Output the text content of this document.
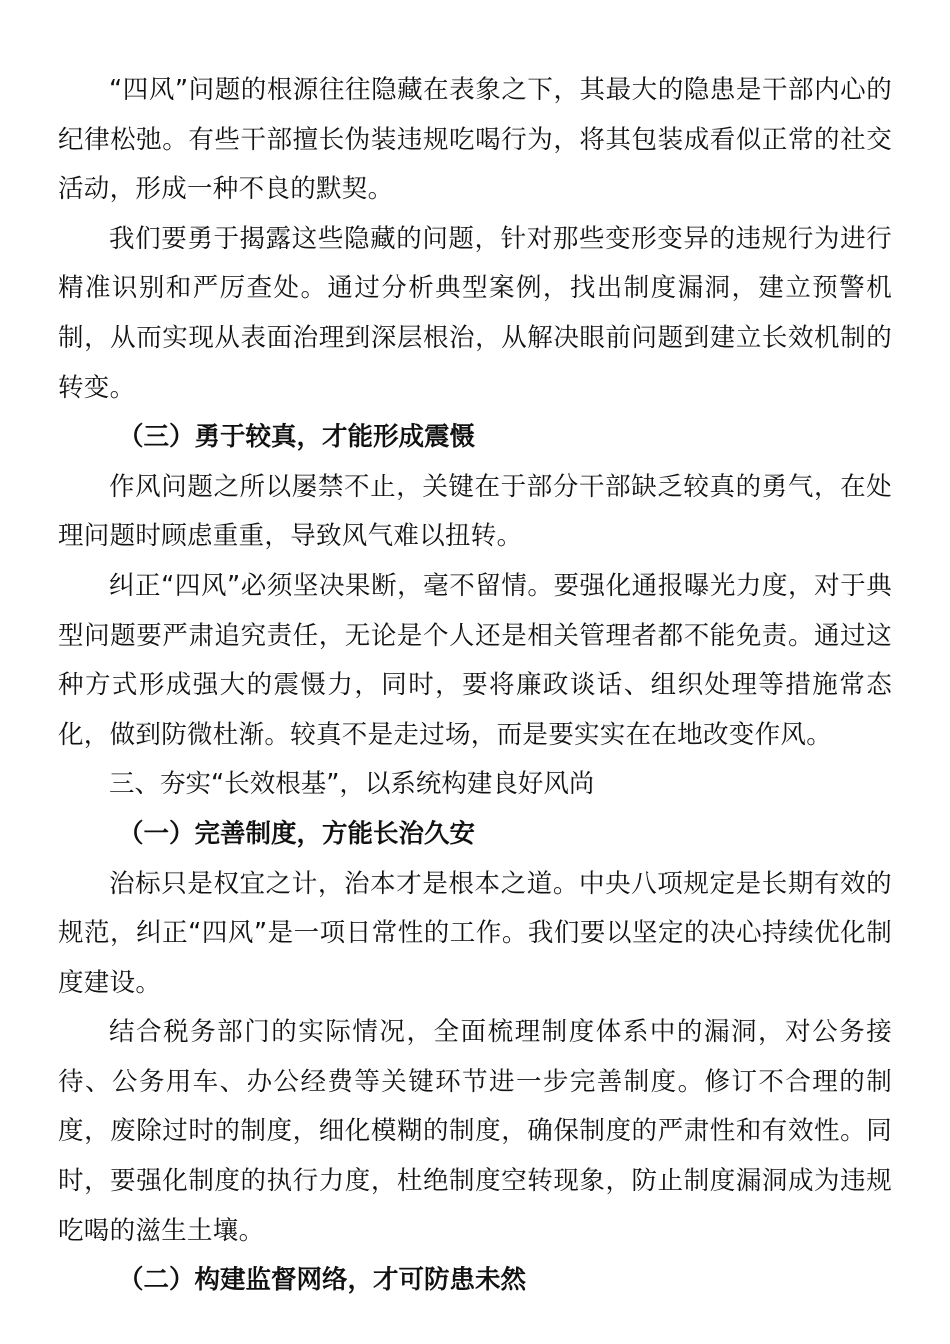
“四风”问题的根源往往隐藏在表象之下，其最大的隐患是干部内心的纪律松弛。有些干部擅长伪装违规吃喝行为，将其包装成看似正常的社交活动，形成一种不良的默契。

我们要勇于揭露这些隐藏的问题，针对那些变形变异的违规行为进行精准识别和严厉查处。通过分析典型案例，找出制度漏洞，建立预警机制，从而实现从表面治理到深层根治，从解决眼前问题到建立长效机制的转变。

（三）勇于较真，才能形成震慑

作风问题之所以屡禁不止，关键在于部分干部缺乏较真的勇气，在处理问题时顾虑重重，导致风气难以扭转。

纠正“四风”必须坚决果断，毫不留情。要强化通报曝光力度，对于典型问题要严肃追究责任，无论是个人还是相关管理者都不能免责。通过这种方式形成强大的震慑力，同时，要将廉政谈话、组织处理等措施常态化，做到防微杜渐。较真不是走过场，而是要实实在在地改变作风。

三、夯实“长效根基”，以系统构建良好风尚

（一）完善制度，方能长治久安

治标只是权宜之计，治本才是根本之道。中央八项规定是长期有效的规范，纠正“四风”是一项日常性的工作。我们要以坚定的决心持续优化制度建设。

结合税务部门的实际情况，全面梳理制度体系中的漏洞，对公务接待、公务用车、办公经费等关键环节进一步完善制度。修订不合理的制度，废除过时的制度，细化模糊的制度，确保制度的严肃性和有效性。同时，要强化制度的执行力度，杜绝制度空转现象，防止制度漏洞成为违规吃喝的滋生土壤。

（二）构建监督网络，才可防患未然
